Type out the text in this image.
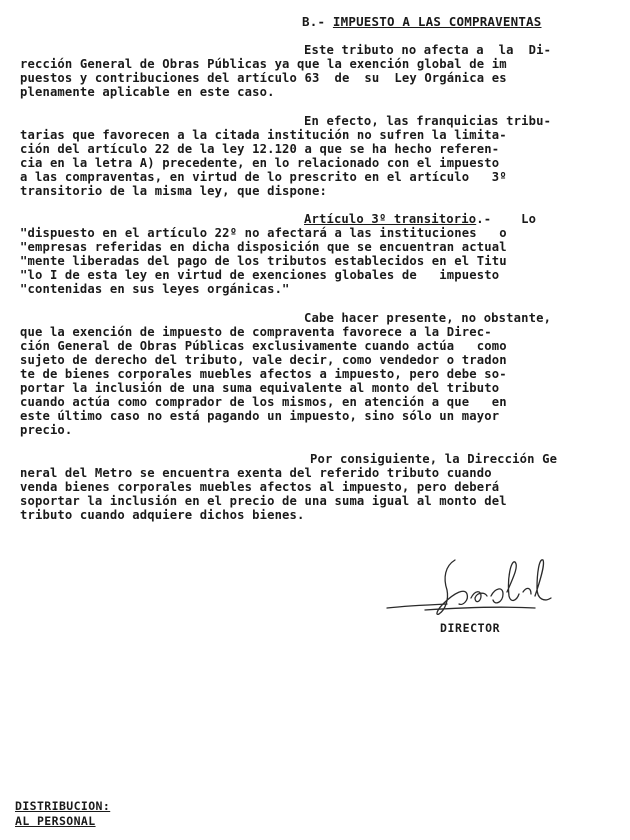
B.- IMPUESTO A LAS COMPRAVENTAS
Este tributo no afecta a  la  Di-
rección General de Obras Públicas ya que la exención global de im
puestos y contribuciones del artículo 63  de  su  Ley Orgánica es
plenamente aplicable en este caso.
En efecto, las franquicias tribu-
tarias que favorecen a la citada institución no sufren la limita-
ción del artículo 22 de la ley 12.120 a que se ha hecho referen-
cia en la letra A) precedente, en lo relacionado con el impuesto
a las compraventas, en virtud de lo prescrito en el artículo   3º
transitorio de la misma ley, que dispone:
Artículo 3º transitorio.-    Lo
"dispuesto en el artículo 22º no afectará a las instituciones   o
"empresas referidas en dicha disposición que se encuentran actual
"mente liberadas del pago de los tributos establecidos en el Titu
"lo I de esta ley en virtud de exenciones globales de   impuesto
"contenidas en sus leyes orgánicas."
Cabe hacer presente, no obstante,
que la exención de impuesto de compraventa favorece a la Direc-
ción General de Obras Públicas exclusivamente cuando actúa   como
sujeto de derecho del tributo, vale decir, como vendedor o tradon
te de bienes corporales muebles afectos a impuesto, pero debe so-
portar la inclusión de una suma equivalente al monto del tributo
cuando actúa como comprador de los mismos, en atención a que   en
este último caso no está pagando un impuesto, sino sólo un mayor
precio.
Por consiguiente, la Dirección Ge
neral del Metro se encuentra exenta del referido tributo cuando
venda bienes corporales muebles afectos al impuesto, pero deberá
soportar la inclusión en el precio de una suma igual al monto del
tributo cuando adquiere dichos bienes.
DIRECTOR
DISTRIBUCION:
AL PERSONAL
